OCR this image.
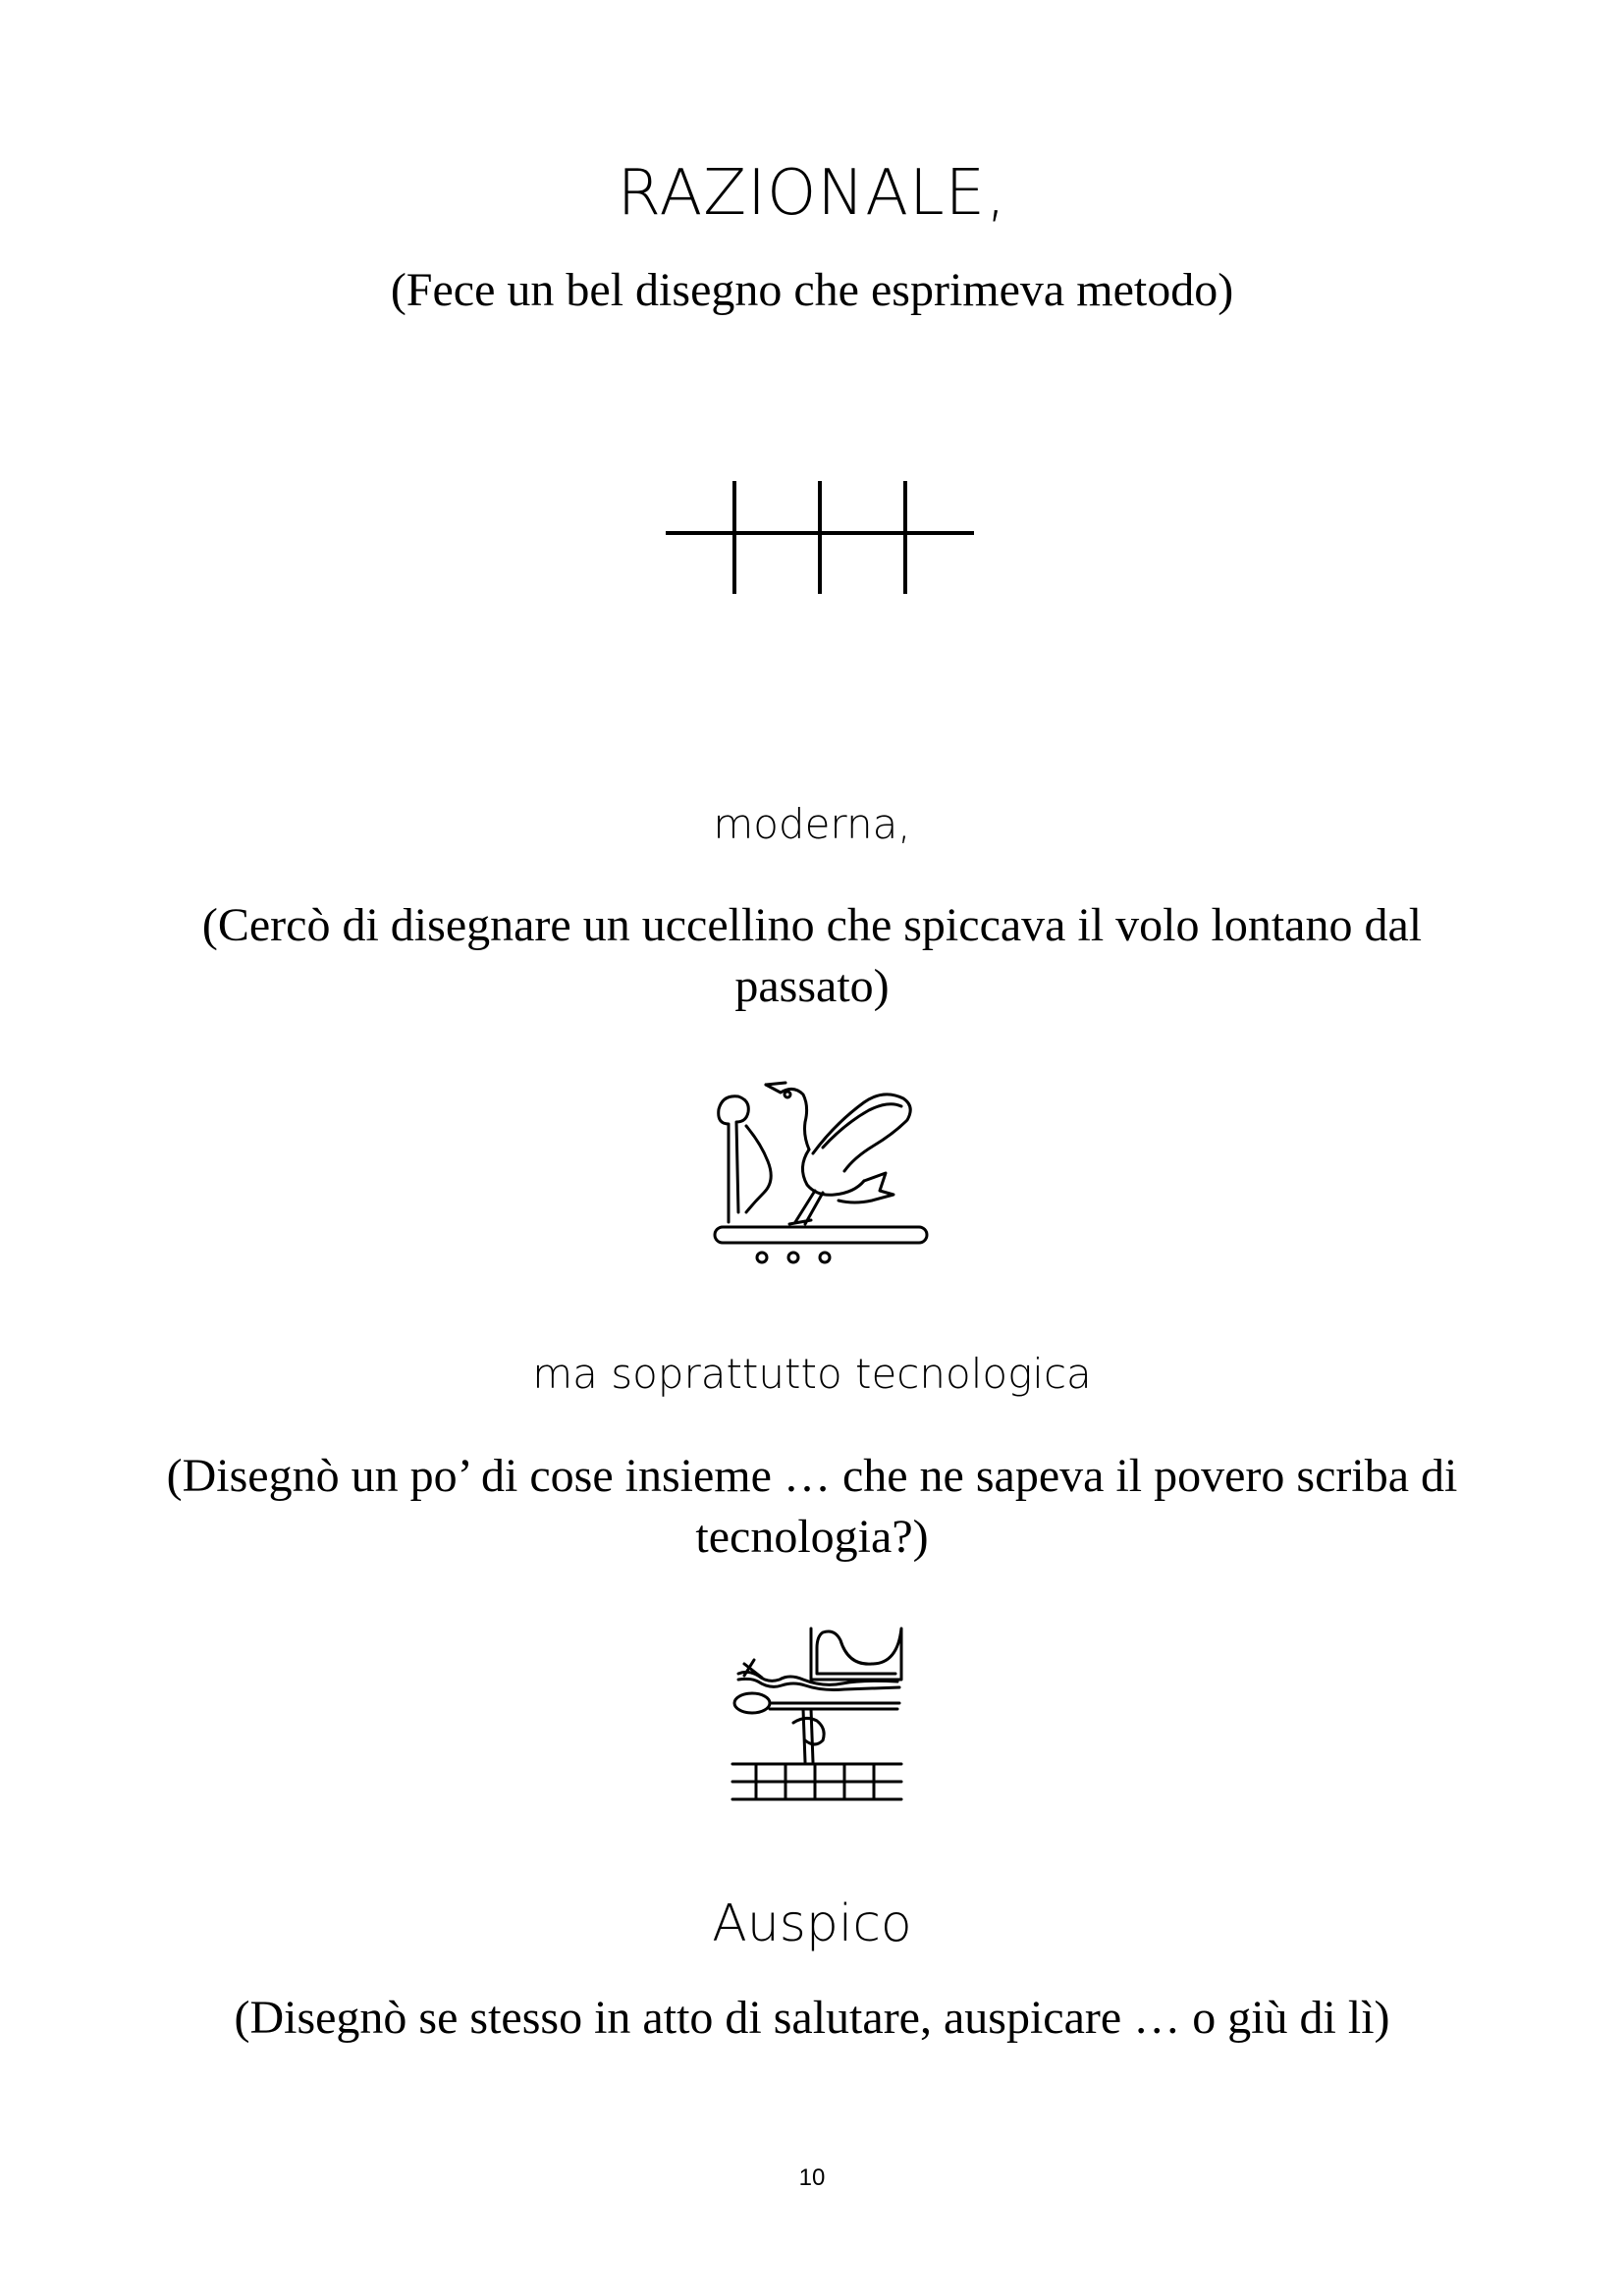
RAZIONALE,
(Fece un bel disegno che esprimeva metodo)
moderna,
(Cercò di disegnare un uccellino che spiccava il volo lontano dal passato)
ma soprattutto tecnologica
(Disegnò un po’ di cose insieme … che ne sapeva il povero scriba di tecnologia?)
Auspico
(Disegnò se stesso in atto di salutare, auspicare … o giù di lì)
10
